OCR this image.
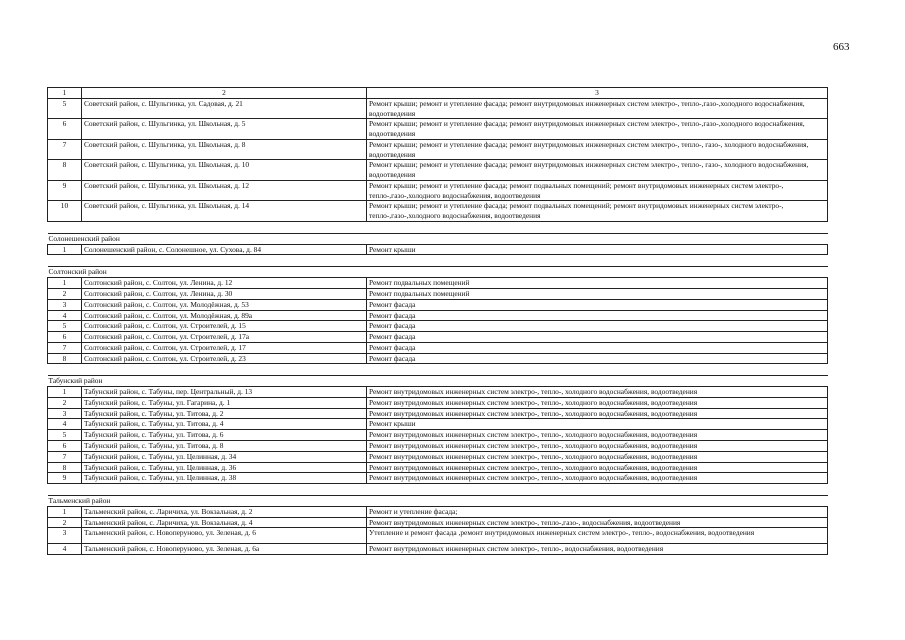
663
1	2	3
5	Советский район, с. Шульгинка, ул. Садовая, д. 21	Ремонт крыши; ремонт и утепление фасада; ремонт внутридомовых инженерных систем электро-, тепло-,газо-,холодного водоснабжения, водоотведения
6	Советский район, с. Шульгинка, ул. Школьная, д. 5	Ремонт крыши; ремонт и утепление фасада; ремонт внутридомовых инженерных систем электро-, тепло-,газо-,холодного водоснабжения, водоотведения
7	Советский район, с. Шульгинка, ул. Школьная, д. 8	Ремонт крыши; ремонт и утепление фасада; ремонт внутридомовых инженерных систем электро-, тепло-, газо-, холодного водоснабжения, водоотведения
8	Советский район, с. Шульгинка, ул. Школьная, д. 10	Ремонт крыши; ремонт и утепление фасада; ремонт внутридомовых инженерных систем электро-, тепло-, газо-, холодного водоснабжения, водоотведения
9	Советский район, с. Шульгинка, ул. Школьная, д. 12	Ремонт крыши; ремонт и утепление фасада; ремонт подвальных помещений; ремонт внутридомовых инженерных систем электро-, тепло-,газо-,холодного водоснабжения, водоотведения
10	Советский район, с. Шульгинка, ул. Школьная, д. 14	Ремонт крыши; ремонт и утепление фасада; ремонт подвальных помещений; ремонт внутридомовых инженерных систем электро-, тепло-,газо-,холодного водоснабжения, водоотведения

Солонешенский район		
1	Солонешенский район, с. Солонешное, ул. Сухова, д. 84	Ремонт крыши

Солтонский район		
1	Солтонский район, с. Солтон, ул. Ленина, д. 12	Ремонт подвальных помещений
2	Солтонский район, с. Солтон, ул. Ленина, д. 30	Ремонт подвальных помещений
3	Солтонский район, с. Солтон, ул. Молодёжная, д. 53	Ремонт фасада
4	Солтонский район, с. Солтон, ул. Молодёжная, д. 89а	Ремонт фасада
5	Солтонский район, с. Солтон, ул. Строителей, д. 15	Ремонт фасада
6	Солтонский район, с. Солтон, ул. Строителей, д. 17а	Ремонт фасада
7	Солтонский район, с. Солтон, ул. Строителей, д. 17	Ремонт фасада
8	Солтонский район, с. Солтон, ул. Строителей, д. 23	Ремонт фасада

Табунский район		
1	Табунский район, с. Табуны, пер. Центральный, д. 13	Ремонт внутридомовых инженерных систем электро-, тепло-, холодного водоснабжения, водоотведения
2	Табунский район, с. Табуны, ул. Гагарина, д. 1	Ремонт внутридомовых инженерных систем электро-, тепло-, холодного водоснабжения, водоотведения
3	Табунский район, с. Табуны, ул. Титова, д. 2	Ремонт внутридомовых инженерных систем электро-, тепло-, холодного водоснабжения, водоотведения
4	Табунский район, с. Табуны, ул. Титова, д. 4	Ремонт крыши
5	Табунский район, с. Табуны, ул. Титова, д. 6	Ремонт внутридомовых инженерных систем электро-, тепло-, холодного водоснабжения, водоотведения
6	Табунский район, с. Табуны, ул. Титова, д. 8	Ремонт внутридомовых инженерных систем электро-, тепло-, холодного водоснабжения, водоотведения
7	Табунский район, с. Табуны, ул. Целинная, д. 34	Ремонт внутридомовых инженерных систем электро-, тепло-, холодного водоснабжения, водоотведения
8	Табунский район, с. Табуны, ул. Целинная, д. 36	Ремонт внутридомовых инженерных систем электро-, тепло-, холодного водоснабжения, водоотведения
9	Табунский район, с. Табуны, ул. Целинная, д. 38	Ремонт внутридомовых инженерных систем электро-, тепло-, холодного водоснабжения, водоотведения

Тальменский район		
1	Тальменский район, с. Ларичиха, ул. Вокзальная, д. 2	Ремонт и утепление фасада;
2	Тальменский район, с. Ларичиха, ул. Вокзальная, д. 4	Ремонт внутридомовых инженерных систем электро-, тепло-,газо-, водоснабжения, водоотведения
3	Тальменский район, с. Новоперуново, ул. Зеленая, д. 6	Утепление и ремонт фасада ,ремонт внутридомовых инженерных систем электро-, тепло-, водоснабжения, водоотведения
4	Тальменский район, с. Новоперуново, ул. Зеленая, д. 6а	Ремонт внутридомовых инженерных систем электро-, тепло-, водоснабжения, водоотведения
